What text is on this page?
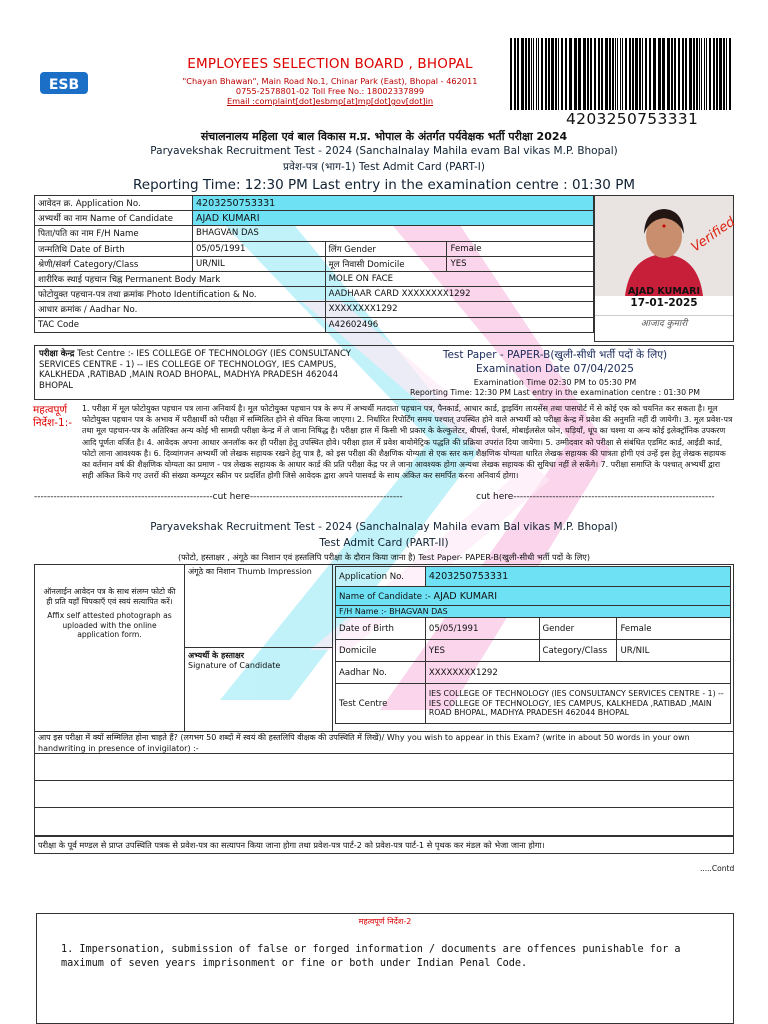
ESB
EMPLOYEES SELECTION BOARD , BHOPAL
"Chayan Bhawan", Main Road No.1, Chinar Park (East), Bhopal - 462011
0755-2578801-02 Toll Free No.: 18002337899
Email :complaint[dot]esbmp[at]mp[dot]gov[dot]in
4203250753331
संचालनालय महिला एवं बाल विकास म.प्र. भोपाल के अंतर्गत पर्यवेक्षक भर्ती परीक्षा 2024
Paryavekshak Recruitment Test - 2024 (Sanchalnalay Mahila evam Bal vikas M.P. Bhopal)
प्रवेश-पत्र (भाग-1) Test Admit Card (PART-I)
Reporting Time: 12:30 PM Last entry in the examination centre : 01:30 PM
आवेदन क्र. Application No.	4203250753331		
अभ्यर्थी का नाम Name of Candidate	AJAD KUMARI		
पिता/पति का नाम F/H Name	BHAGVAN DAS		
जन्मतिथि Date of Birth	05/05/1991	लिंग Gender	Female
श्रेणी/संवर्ग Category/Class	UR/NIL	मूल निवासी Domicile	YES
शारीरिक स्थाई पहचान चिह्न Permanent Body Mark		MOLE ON FACE	
फोटोयुक्त पहचान-पत्र तथा क्रमांक Photo Identification & No.		AADHAAR CARD XXXXXXXX1292	
आधार क्रमांक / Aadhar No.		XXXXXXXX1292	
TAC Code		A42602496	
Verified
AJAD KUMARI
17-01-2025
आजाद कुमारी
परीक्षा केन्द्र Test Centre :- IES COLLEGE OF TECHNOLOGY (IES CONSULTANCY SERVICES CENTRE - 1) -- IES COLLEGE OF TECHNOLOGY, IES CAMPUS, KALKHEDA ,RATIBAD ,MAIN ROAD BHOPAL, MADHYA PRADESH 462044 BHOPAL
Test Paper - PAPER-B(खुली-सीधी भर्ती पदों के लिए)
Examination Date 07/04/2025
Examination Time 02:30 PM to 05:30 PM
Reporting Time: 12:30 PM Last entry in the examination centre : 01:30 PM
महत्वपूर्ण निर्देश-1:-
1. परीक्षा में मूल फोटोयुक्त पहचान पत्र लाना अनिवार्य है। मूल फोटोयुक्त पहचान पत्र के रूप में अभ्यर्थी मतदाता पहचान पत्र, पैनकार्ड, आधार कार्ड, ड्राइविंग लायसेंस तथा पासपोर्ट में से कोई एक को चयनित कर सकता है। मूल फोटोयुक्त पहचान पत्र के अभाव में परीक्षार्थी को परीक्षा में सम्मिलित होने से वंचित किया जाएगा। 2. निर्धारित रिपोर्टिंग समय पश्चात् उपस्थित होने वाले अभ्यर्थी को परीक्षा केन्द्र में प्रवेश की अनुमति नहीं दी जायेगी। 3. मूल प्रवेश-पत्र तथा मूल पहचान-पत्र के अतिरिक्त अन्य कोई भी सामग्री परीक्षा केन्द्र में ले जाना निषिद्ध है। परीक्षा हाल में किसी भी प्रकार के केल्कुलेटर, बीपर्स, पेजर्स, मोबाईलसेल फोन, घड़ियाँ, धूप का चश्मा या अन्य कोई इलेक्ट्रॉनिक उपकरण आदि पूर्णतः वर्जित है। 4. आवेदक अपना आधार अनलॉक कर ही परीक्षा हेतु उपस्थित होवे। परीक्षा हाल में प्रवेश बायोमेट्रिक पद्धति की प्रक्रिया उपरांत दिया जायेगा। 5. उम्मीदवार को परीक्षा से संबंधित एडमिट कार्ड, आईडी कार्ड, फोटो लाना आवश्यक है। 6. दिव्यांगजन अभ्यर्थी जो लेखक सहायक रखने हेतु पात्र है, को इस परीक्षा की शैक्षणिक योग्यता से एक स्तर कम शैक्षणिक योग्यता धारित लेखक सहायक की पात्रता होगी एवं उन्हें इस हेतु लेखक सहायक का वर्तमान वर्ष की शैक्षणिक योग्यता का प्रमाण - पत्र लेखक सहायक के आधार कार्ड की प्रति परीक्षा केंद्र पर ले जाना आवश्यक होगा अन्यथा लेखक सहायक की सुविधा नहीं ले सकेंगे। 7. परीक्षा समाप्ति के पश्चात् अभ्यर्थी द्वारा सही अंकित किये गए उत्तरों की संख्या कम्प्यूटर स्क्रीन पर प्रदर्शित होगी जिसे आवेदक द्वारा अपने पासवर्ड के साथ अंकित कर समर्पित करना अनिवार्य होगा।
-------------------------------------------------------cut here-----------------------------------------------	cut here--------------------------------------------------------------
Paryavekshak Recruitment Test - 2024 (Sanchalnalay Mahila evam Bal vikas M.P. Bhopal)
Test Admit Card (PART-II)
(फोटो, हस्ताक्षर , अंगूठे का निशान एवं हस्तलिपि परीक्षा के दौरान किया जाना है) Test Paper- PAPER-B(खुली-सीधी भर्ती पदों के लिए)
ऑनलाईन आवेदन पत्र के साथ संलग्न फोटो की ही प्रति यहाँ चिपकाएँ एवं स्वयं सत्यापित करें।
Affix self attested photograph as uploaded with the online application form.
अंगूठे का निशान Thumb Impression
अभ्यर्थी के हस्ताक्षर
Signature of Candidate
Application No.	4203250753331		
Name of Candidate :- AJAD KUMARI			
F/H Name :- BHAGVAN DAS			
Date of Birth	05/05/1991	Gender	Female
Domicile	YES	Category/Class	UR/NIL
Aadhar No.	XXXXXXXX1292		
Test Centre	IES COLLEGE OF TECHNOLOGY (IES CONSULTANCY SERVICES CENTRE - 1) -- IES COLLEGE OF TECHNOLOGY, IES CAMPUS, KALKHEDA ,RATIBAD ,MAIN ROAD BHOPAL, MADHYA PRADESH 462044 BHOPAL		
आप इस परीक्षा में क्यों सम्मिलित होना चाहते हैं? (लगभग 50 शब्दों में स्वयं की हस्तलिपि वीक्षक की उपस्थिति में लिखें)/ Why you wish to appear in this Exam? (write in about 50 words in your own handwriting in presence of invigilator) :-
परीक्षा के पूर्व मण्डल से प्राप्त उपस्थिति पत्रक से प्रवेश-पत्र का सत्यापन किया जाना होगा तथा प्रवेश-पत्र पार्ट-2 को प्रवेश-पत्र पार्ट-1 से पृथक कर मंडल को भेजा जाना होगा।
.....Contd
महत्वपूर्ण निर्देश-2
1. Impersonation, submission of false or forged information / documents are offences punishable for a maximum of seven years imprisonment or fine or both under Indian Penal Code.
